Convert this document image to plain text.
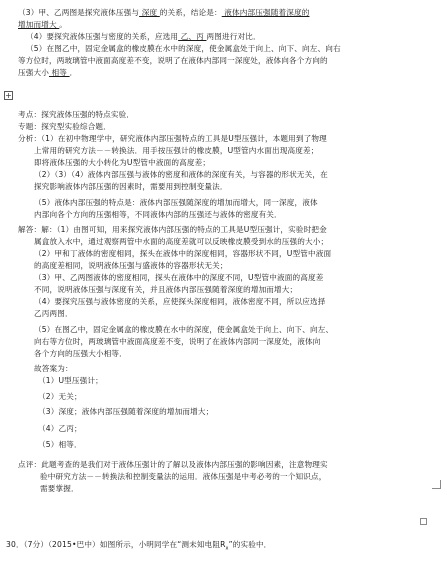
+
（3）甲、乙两图是探究液体压强与 深度 的关系，结论是： 液体内部压强随着深度的
增加而增大 。
（4）要探究液体压强与密度的关系，应选用 乙、丙 两图进行对比．
（5）在图乙中，固定金属盒的橡皮膜在水中的深度，使金属盒处于向上、向下、向左、向右
等方位时，两玻璃管中液面高度差不变，说明了在液体内部同一深度处，液体向各个方向的
压强大小 相等 ．
考点：探究液体压强的特点实验．
专题：探究型实验综合题．
分析：（1）在初中物理学中，研究液体内部压强特点的工具是U型压强计，本题用到了物理
上常用的研究方法－－转换法．用手按压强计的橡皮膜，U型管内水面出现高度差；
即将液体压强的大小转化为U型管中液面的高度差；
（2）（3）（4）液体内部压强与液体的密度和液体的深度有关，与容器的形状无关，在
探究影响液体内部压强的因素时，需要用到控制变量法．
（5）液体内部压强的特点是：液体内部压强随深度的增加而增大，同一深度，液体
内部向各个方向的压强相等，不同液体内部的压强还与液体的密度有关．
解答：解：（1）由图可知，用来探究液体内部压强的特点的工具是U型压强计，实验时把金
属盒放入水中，通过观察两管中水面的高度差就可以反映橡皮膜受到水的压强的大小；
（2）甲和丁液体的密度相同，探头在液体中的深度相同，容器形状不同，U型管中液面
的高度差相同，说明液体压强与盛液体的容器形状无关；
（3）甲、乙两图液体的密度相同，探头在液体中的深度不同，U型管中液面的高度差
不同，说明液体压强与深度有关，并且液体内部压强随着深度的增加而增大；
（4）要探究压强与液体密度的关系，应使探头深度相同，液体密度不同，所以应选择
乙丙两图．
（5）在图乙中，固定金属盒的橡皮膜在水中的深度，使金属盒处于向上、向下、向左、
向右等方位时，两玻璃管中液面高度差不变，说明了在液体内部同一深度处，液体向
各个方向的压强大小相等．
故答案为：
（1）U型压强计；
（2）无关；
（3）深度；液体内部压强随着深度的增加而增大；
（4）乙丙；
（5）相等．
点评：此题考查的是我们对于液体压强计的了解以及液体内部压强的影响因素，注意物理实
验中研究方法－－转换法和控制变量法的运用．液体压强是中考必考的一个知识点，
需要掌握．
30．（7分）（2015•巴中）如图所示，小明同学在“测未知电阻$R_x$”的实验中．
